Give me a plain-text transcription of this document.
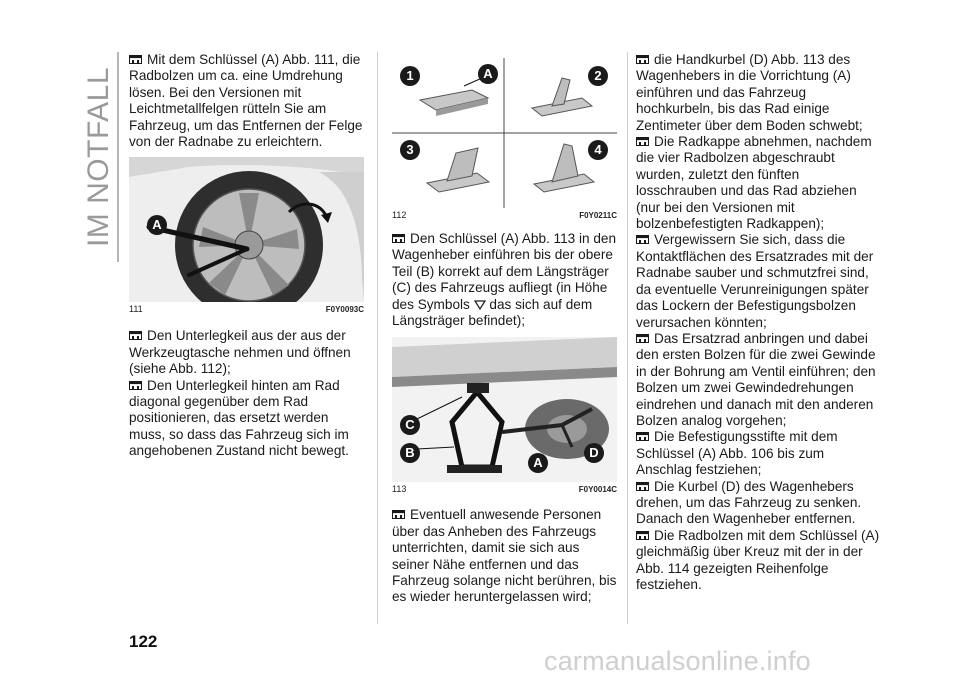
IM NOTFALL

Mit dem Schlüssel (A) Abb. 111, die Radbolzen um ca. eine Umdrehung lösen. Bei den Versionen mit Leichtmetallfelgen rütteln Sie am Fahrzeug, um das Entfernen der Felge von der Radnabe zu erleichtern.

A
111	F0Y0093C

Den Unterlegkeil aus der aus der Werkzeugtasche nehmen und öffnen (siehe Abb. 112);

Den Unterlegkeil hinten am Rad diagonal gegenüber dem Rad positionieren, das ersetzt werden muss, so dass das Fahrzeug sich im angehobenen Zustand nicht bewegt.

1	A	2
3	4
112	F0Y0211C

Den Schlüssel (A) Abb. 113 in den Wagenheber einführen bis der obere Teil (B) korrekt auf dem Längsträger (C) des Fahrzeugs aufliegt (in Höhe des Symbols das sich auf dem Längsträger befindet);

C
B
A
D
113	F0Y0014C

Eventuell anwesende Personen über das Anheben des Fahrzeugs unterrichten, damit sie sich aus seiner Nähe entfernen und das Fahrzeug solange nicht berühren, bis es wieder heruntergelassen wird;

die Handkurbel (D) Abb. 113 des Wagenhebers in die Vorrichtung (A) einführen und das Fahrzeug hochkurbeln, bis das Rad einige Zentimeter über dem Boden schwebt;

Die Radkappe abnehmen, nachdem die vier Radbolzen abgeschraubt wurden, zuletzt den fünften losschrauben und das Rad abziehen (nur bei den Versionen mit bolzenbefestigten Radkappen);

Vergewissern Sie sich, dass die Kontaktflächen des Ersatzrades mit der Radnabe sauber und schmutzfrei sind, da eventuelle Verunreinigungen später das Lockern der Befestigungsbolzen verursachen könnten;

Das Ersatzrad anbringen und dabei den ersten Bolzen für die zwei Gewinde in der Bohrung am Ventil einführen; den Bolzen um zwei Gewindedrehungen eindrehen und danach mit den anderen Bolzen analog vorgehen;

Die Befestigungsstifte mit dem Schlüssel (A) Abb. 106 bis zum Anschlag festziehen;

Die Kurbel (D) des Wagenhebers drehen, um das Fahrzeug zu senken. Danach den Wagenheber entfernen.

Die Radbolzen mit dem Schlüssel (A) gleichmäßig über Kreuz mit der in der Abb. 114 gezeigten Reihenfolge festziehen.

122
carmanualsonline.info
